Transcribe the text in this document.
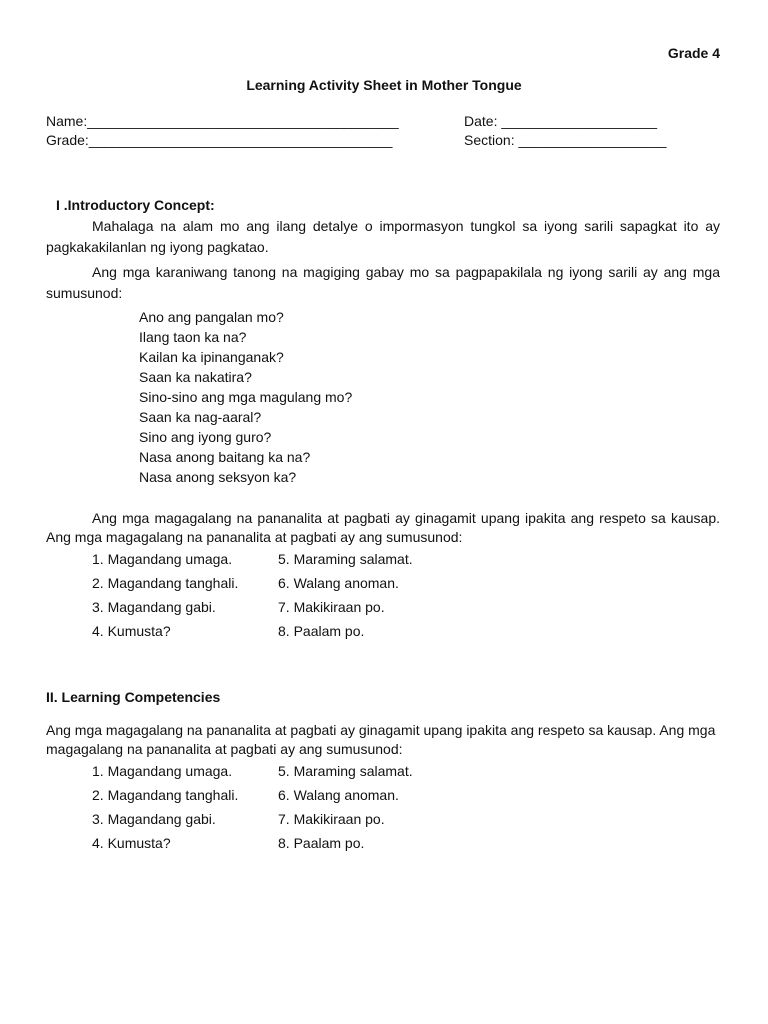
Grade 4
Learning Activity Sheet in Mother Tongue
Name:________________________________________	Date: ____________________
Grade:_______________________________________	Section: ___________________
I .Introductory Concept:
Mahalaga na alam mo ang ilang detalye o impormasyon tungkol sa iyong sarili sapagkat ito ay pagkakakilanlan ng iyong pagkatao.
Ang mga karaniwang tanong na magiging gabay mo sa pagpapakilala ng iyong sarili ay ang mga sumusunod:
Ano ang pangalan mo?
Ilang taon ka na?
Kailan ka ipinanganak?
Saan ka nakatira?
Sino-sino ang mga magulang mo?
Saan ka nag-aaral?
Sino ang iyong guro?
Nasa anong baitang ka na?
Nasa anong seksyon ka?
Ang mga magagalang na pananalita at pagbati ay ginagamit upang ipakita ang respeto sa kausap. Ang mga magagalang na pananalita at pagbati ay ang sumusunod:
1. Magandang umaga.	5. Maraming salamat.
2. Magandang tanghali.	6. Walang anoman.
3. Magandang gabi.	7. Makikiraan po.
4. Kumusta?	8. Paalam po.
II. Learning Competencies
Ang mga magagalang na pananalita at pagbati ay ginagamit upang ipakita ang respeto sa kausap. Ang mga magagalang na pananalita at pagbati ay ang sumusunod:
1. Magandang umaga.	5. Maraming salamat.
2. Magandang tanghali.	6. Walang anoman.
3. Magandang gabi.	7. Makikiraan po.
4. Kumusta?	8. Paalam po.
